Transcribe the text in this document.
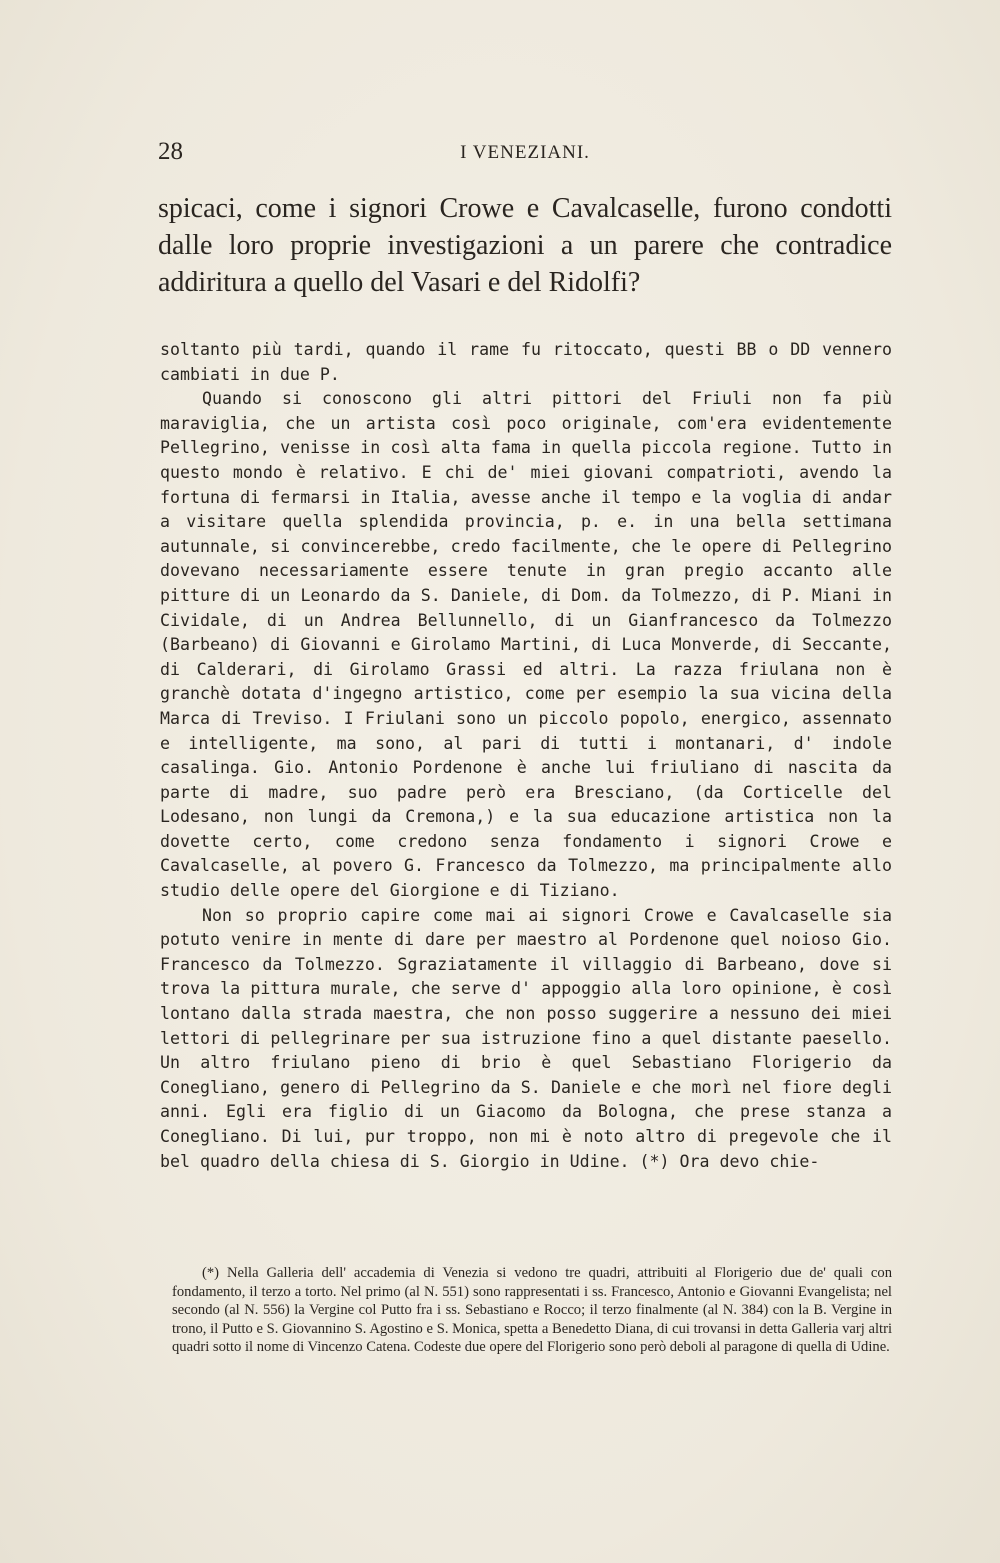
28	I VENEZIANI.

spicaci, come i signori Crowe e Cavalcaselle, furono condotti dalle loro proprie investigazioni a un parere che contradice addiritura a quello del Vasari e del Ridolfi?

soltanto più tardi, quando il rame fu ritoccato, questi BB o DD vennero cambiati in due P.

Quando si conoscono gli altri pittori del Friuli non fa più maraviglia, che un artista così poco originale, com'era evidentemente Pellegrino, venisse in così alta fama in quella piccola regione. Tutto in questo mondo è relativo. E chi de' miei giovani compatrioti, avendo la fortuna di fermarsi in Italia, avesse anche il tempo e la voglia di andar a visitare quella splendida provincia, p. e. in una bella settimana autunnale, si convincerebbe, credo facilmente, che le opere di Pellegrino dovevano necessariamente essere tenute in gran pregio accanto alle pitture di un Leonardo da S. Daniele, di Dom. da Tolmezzo, di P. Miani in Cividale, di un Andrea Bellunnello, di un Gianfrancesco da Tolmezzo (Barbeano) di Giovanni e Girolamo Martini, di Luca Monverde, di Seccante, di Calderari, di Girolamo Grassi ed altri. La razza friulana non è granchè dotata d'ingegno artistico, come per esempio la sua vicina della Marca di Treviso. I Friulani sono un piccolo popolo, energico, assennato e intelligente, ma sono, al pari di tutti i montanari, d' indole casalinga. Gio. Antonio Pordenone è anche lui friuliano di nascita da parte di madre, suo padre però era Bresciano, (da Corticelle del Lodesano, non lungi da Cremona,) e la sua educazione artistica non la dovette certo, come credono senza fondamento i signori Crowe e Cavalcaselle, al povero G. Francesco da Tolmezzo, ma principalmente allo studio delle opere del Giorgione e di Tiziano.

Non so proprio capire come mai ai signori Crowe e Cavalcaselle sia potuto venire in mente di dare per maestro al Pordenone quel noioso Gio. Francesco da Tolmezzo. Sgraziatamente il villaggio di Barbeano, dove si trova la pittura murale, che serve d' appoggio alla loro opinione, è così lontano dalla strada maestra, che non posso suggerire a nessuno dei miei lettori di pellegrinare per sua istruzione fino a quel distante paesello. Un altro friulano pieno di brio è quel Sebastiano Florigerio da Conegliano, genero di Pellegrino da S. Daniele e che morì nel fiore degli anni. Egli era figlio di un Giacomo da Bologna, che prese stanza a Conegliano. Di lui, pur troppo, non mi è noto altro di pregevole che il bel quadro della chiesa di S. Giorgio in Udine. (*) Ora devo chie-

(*) Nella Galleria dell' accademia di Venezia si vedono tre quadri, attribuiti al Florigerio due de' quali con fondamento, il terzo a torto. Nel primo (al N. 551) sono rappresentati i ss. Francesco, Antonio e Giovanni Evangelista; nel secondo (al N. 556) la Vergine col Putto fra i ss. Sebastiano e Rocco; il terzo finalmente (al N. 384) con la B. Vergine in trono, il Putto e S. Giovannino S. Agostino e S. Monica, spetta a Benedetto Diana, di cui trovansi in detta Galleria varj altri quadri sotto il nome di Vincenzo Catena. Codeste due opere del Florigerio sono però deboli al paragone di quella di Udine.
